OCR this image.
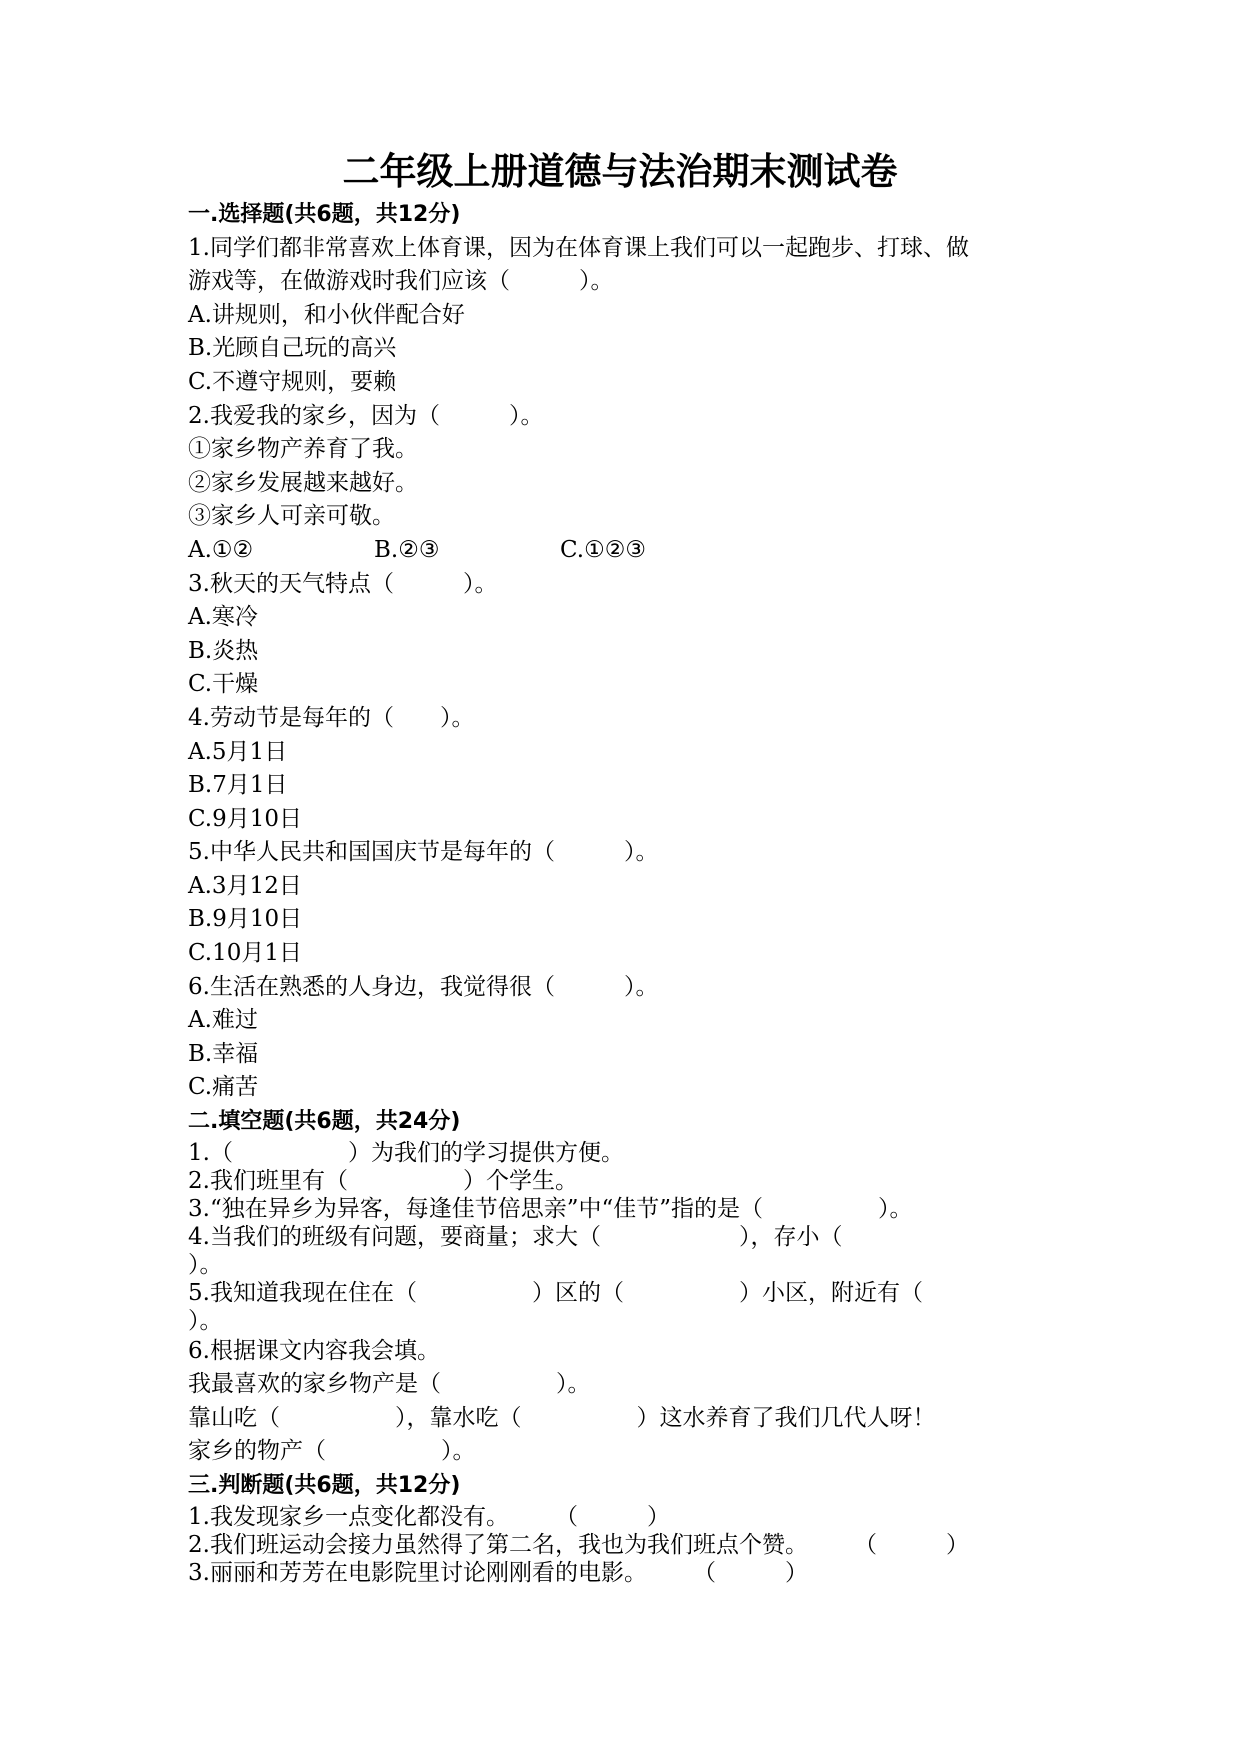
二年级上册道德与法治期末测试卷
一.选择题(共6题，共12分)
1.同学们都非常喜欢上体育课，因为在体育课上我们可以一起跑步、打球、做
游戏等，在做游戏时我们应该（　　　）。
A.讲规则，和小伙伴配合好
B.光顾自己玩的高兴
C.不遵守规则，要赖
2.我爱我的家乡，因为（　　　）。
①家乡物产养育了我。
②家乡发展越来越好。
③家乡人可亲可敬。
A.①②	B.②③	C.①②③
3.秋天的天气特点（　　　）。
A.寒冷
B.炎热
C.干燥
4.劳动节是每年的（　　）。
A.5月1日
B.7月1日
C.9月10日
5.中华人民共和国国庆节是每年的（　　　）。
A.3月12日
B.9月10日
C.10月1日
6.生活在熟悉的人身边，我觉得很（　　　）。
A.难过
B.幸福
C.痛苦
二.填空题(共6题，共24分)
1.（　　　　　）为我们的学习提供方便。
2.我们班里有（　　　　　）个学生。
3.“独在异乡为异客，每逢佳节倍思亲”中“佳节”指的是（　　　　　）。
4.当我们的班级有问题，要商量；求大（　　　　　　），存小（
）。
5.我知道我现在住在（　　　　　）区的（　　　　　）小区，附近有（
）。
6.根据课文内容我会填。
我最喜欢的家乡物产是（　　　　　）。
靠山吃（　　　　　），靠水吃（　　　　　）这水养育了我们几代人呀！
家乡的物产（　　　　　）。
三.判断题(共6题，共12分)
1.我发现家乡一点变化都没有。　　　（　　　）
2.我们班运动会接力虽然得了第二名，我也为我们班点个赞。　　　（　　　）
3.丽丽和芳芳在电影院里讨论刚刚看的电影。　　　（　　　）
